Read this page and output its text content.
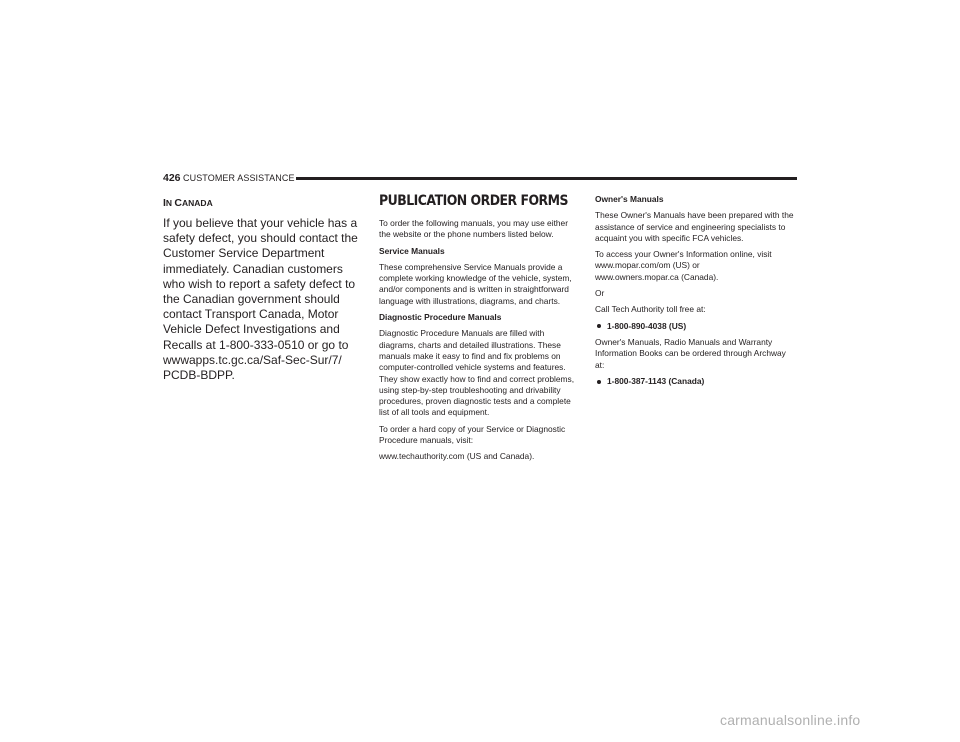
426 CUSTOMER ASSISTANCE
IN CANADA

If you believe that your vehicle has a safety defect, you should contact the Customer Service Department immediately. Canadian customers who wish to report a safety defect to the Canadian government should contact Transport Canada, Motor Vehicle Defect Investigations and Recalls at 1-800-333-0510 or go to wwwapps.tc.gc.ca/Saf-Sec-Sur/7/ PCDB-BDPP.

PUBLICATION ORDER FORMS

To order the following manuals, you may use either the website or the phone numbers listed below.

Service Manuals

These comprehensive Service Manuals provide a complete working knowledge of the vehicle, system, and/or components and is written in straightforward language with illustrations, diagrams, and charts.

Diagnostic Procedure Manuals

Diagnostic Procedure Manuals are filled with diagrams, charts and detailed illustrations. These manuals make it easy to find and fix problems on computer-controlled vehicle systems and features. They show exactly how to find and correct problems, using step-by-step troubleshooting and drivability procedures, proven diagnostic tests and a complete list of all tools and equipment.

To order a hard copy of your Service or Diagnostic Procedure manuals, visit:

www.techauthority.com (US and Canada).

Owner's Manuals

These Owner's Manuals have been prepared with the assistance of service and engineering specialists to acquaint you with specific FCA vehicles.

To access your Owner's Information online, visit

www.mopar.com/om (US) or

www.owners.mopar.ca (Canada).

Or

Call Tech Authority toll free at:

1-800-890-4038 (US)

Owner's Manuals, Radio Manuals and Warranty Information Books can be ordered through Archway at:

1-800-387-1143 (Canada)
carmanualsonline.info
